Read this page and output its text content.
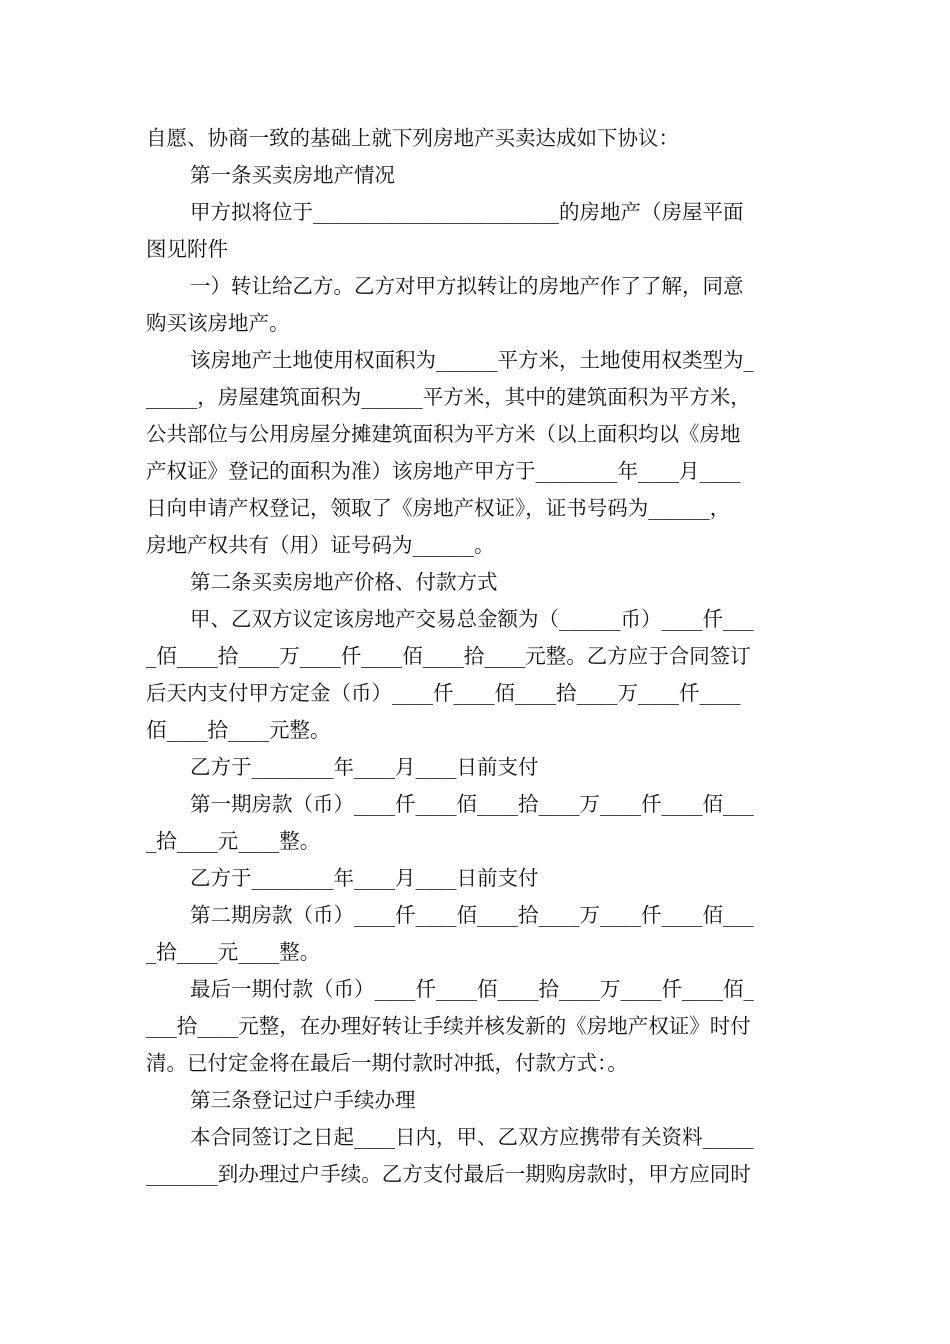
自愿、协商一致的基础上就下列房地产买卖达成如下协议：
第一条买卖房地产情况
甲方拟将位于________________________的房地产（房屋平面
图见附件
一）转让给乙方。乙方对甲方拟转让的房地产作了了解，同意
购买该房地产。
该房地产土地使用权面积为______平方米，土地使用权类型为_
_____，房屋建筑面积为______平方米，其中的建筑面积为平方米，
公共部位与公用房屋分摊建筑面积为平方米（以上面积均以《房地
产权证》登记的面积为准）该房地产甲方于________年____月____
日向申请产权登记，领取了《房地产权证》，证书号码为______，
房地产权共有（用）证号码为______。
第二条买卖房地产价格、付款方式
甲、乙双方议定该房地产交易总金额为（______币）____仟___
_佰____拾____万____仟____佰____拾____元整。乙方应于合同签订
后天内支付甲方定金（币）____仟____佰____拾____万____仟____
佰____拾____元整。
乙方于________年____月____日前支付
第一期房款（币）____仟____佰____拾____万____仟____佰___
_拾____元____整。
乙方于________年____月____日前支付
第二期房款（币）____仟____佰____拾____万____仟____佰___
_拾____元____整。
最后一期付款（币）____仟____佰____拾____万____仟____佰_
___拾____元整，在办理好转让手续并核发新的《房地产权证》时付
清。已付定金将在最后一期付款时冲抵，付款方式：。
第三条登记过户手续办理
本合同签订之日起____日内，甲、乙双方应携带有关资料_____
_______到办理过户手续。乙方支付最后一期购房款时，甲方应同时
